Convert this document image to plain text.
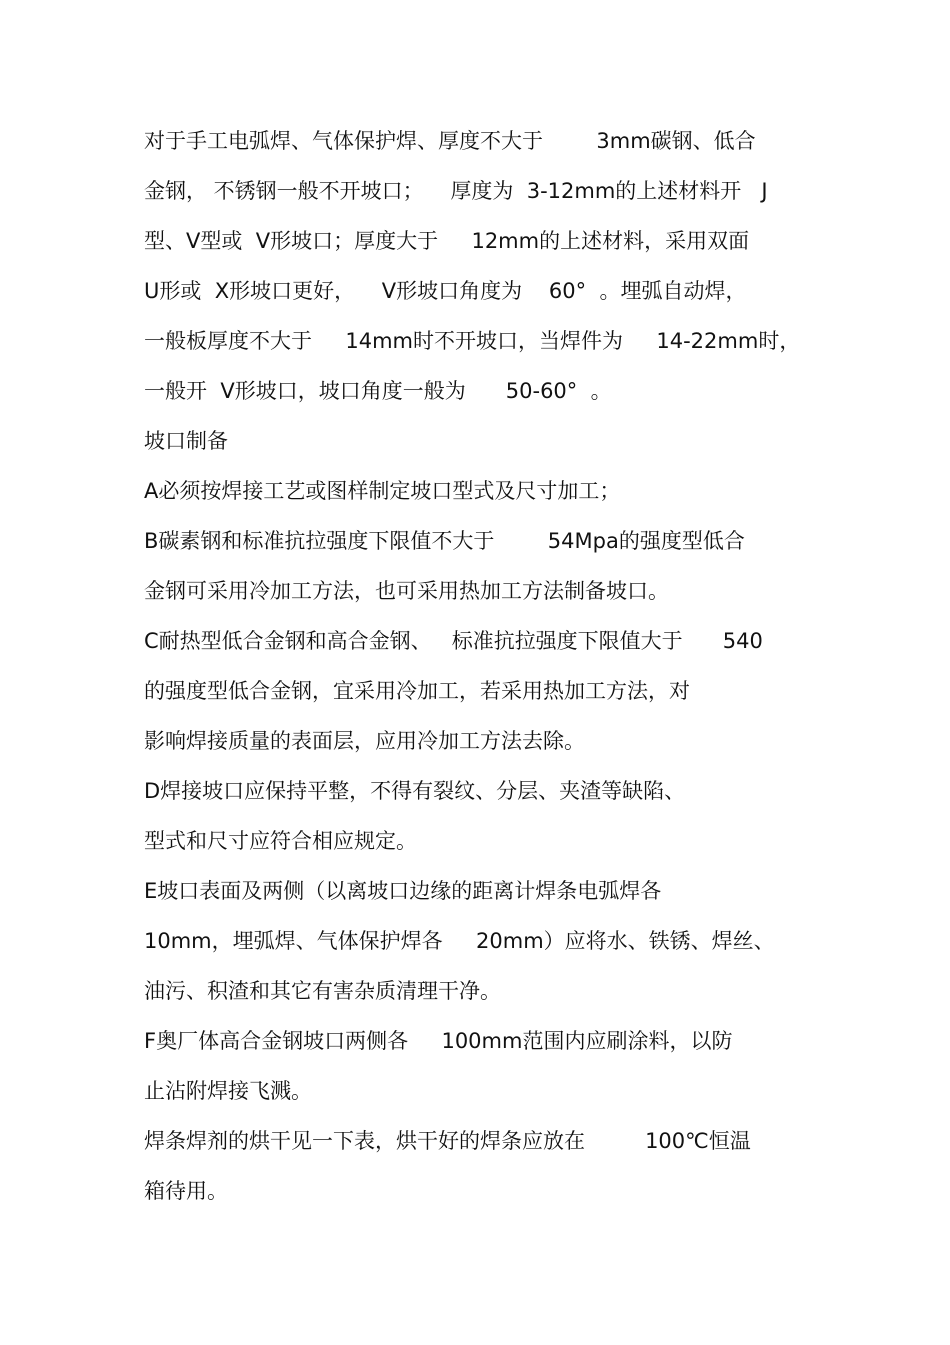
对于手工电弧焊、气体保护焊、厚度不大于        3mm碳钢、低合
金钢， 不锈钢一般不开坡口；    厚度为  3-12mm的上述材料开   J
型、V型或  V形坡口；厚度大于     12mm的上述材料，采用双面
U形或  X形坡口更好，    V形坡口角度为    60°  。埋弧自动焊，
一般板厚度不大于     14mm时不开坡口，当焊件为     14-22mm时，
一般开  V形坡口，坡口角度一般为      50-60°  。
坡口制备
A必须按焊接工艺或图样制定坡口型式及尺寸加工；
B碳素钢和标准抗拉强度下限值不大于        54Mpa的强度型低合
金钢可采用冷加工方法，也可采用热加工方法制备坡口。
C耐热型低合金钢和高合金钢、   标准抗拉强度下限值大于      540
的强度型低合金钢，宜采用冷加工，若采用热加工方法，对
影响焊接质量的表面层，应用冷加工方法去除。
D焊接坡口应保持平整，不得有裂纹、分层、夹渣等缺陷、
型式和尺寸应符合相应规定。
E坡口表面及两侧（以离坡口边缘的距离计焊条电弧焊各
10mm，埋弧焊、气体保护焊各     20mm）应将水、铁锈、焊丝、
油污、积渣和其它有害杂质清理干净。
F奥厂体高合金钢坡口两侧各     100mm范围内应刷涂料，以防
止沾附焊接飞溅。
焊条焊剂的烘干见一下表，烘干好的焊条应放在         100℃恒温
箱待用。
